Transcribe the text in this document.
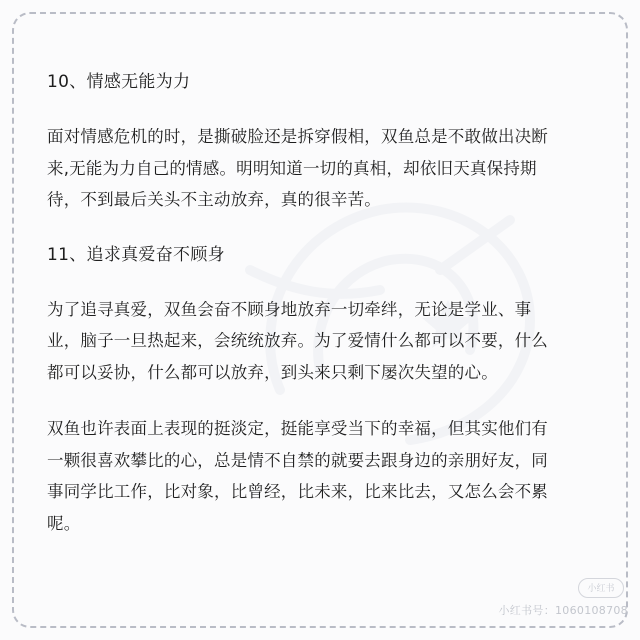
10、情感无能为力

面对情感危机的时，是撕破脸还是拆穿假相，双鱼总是不敢做出决断
来,无能为力自己的情感。明明知道一切的真相，却依旧天真保持期
待，不到最后关头不主动放弃，真的很辛苦。

11、追求真爱奋不顾身

为了追寻真爱，双鱼会奋不顾身地放弃一切牵绊，无论是学业、事
业，脑子一旦热起来，会统统放弃。为了爱情什么都可以不要，什么
都可以妥协，什么都可以放弃，到头来只剩下屡次失望的心。

双鱼也许表面上表现的挺淡定，挺能享受当下的幸福，但其实他们有
一颗很喜欢攀比的心，总是情不自禁的就要去跟身边的亲朋好友，同
事同学比工作，比对象，比曾经，比未来，比来比去，又怎么会不累
呢。

小红书
小红书号：1060108708
